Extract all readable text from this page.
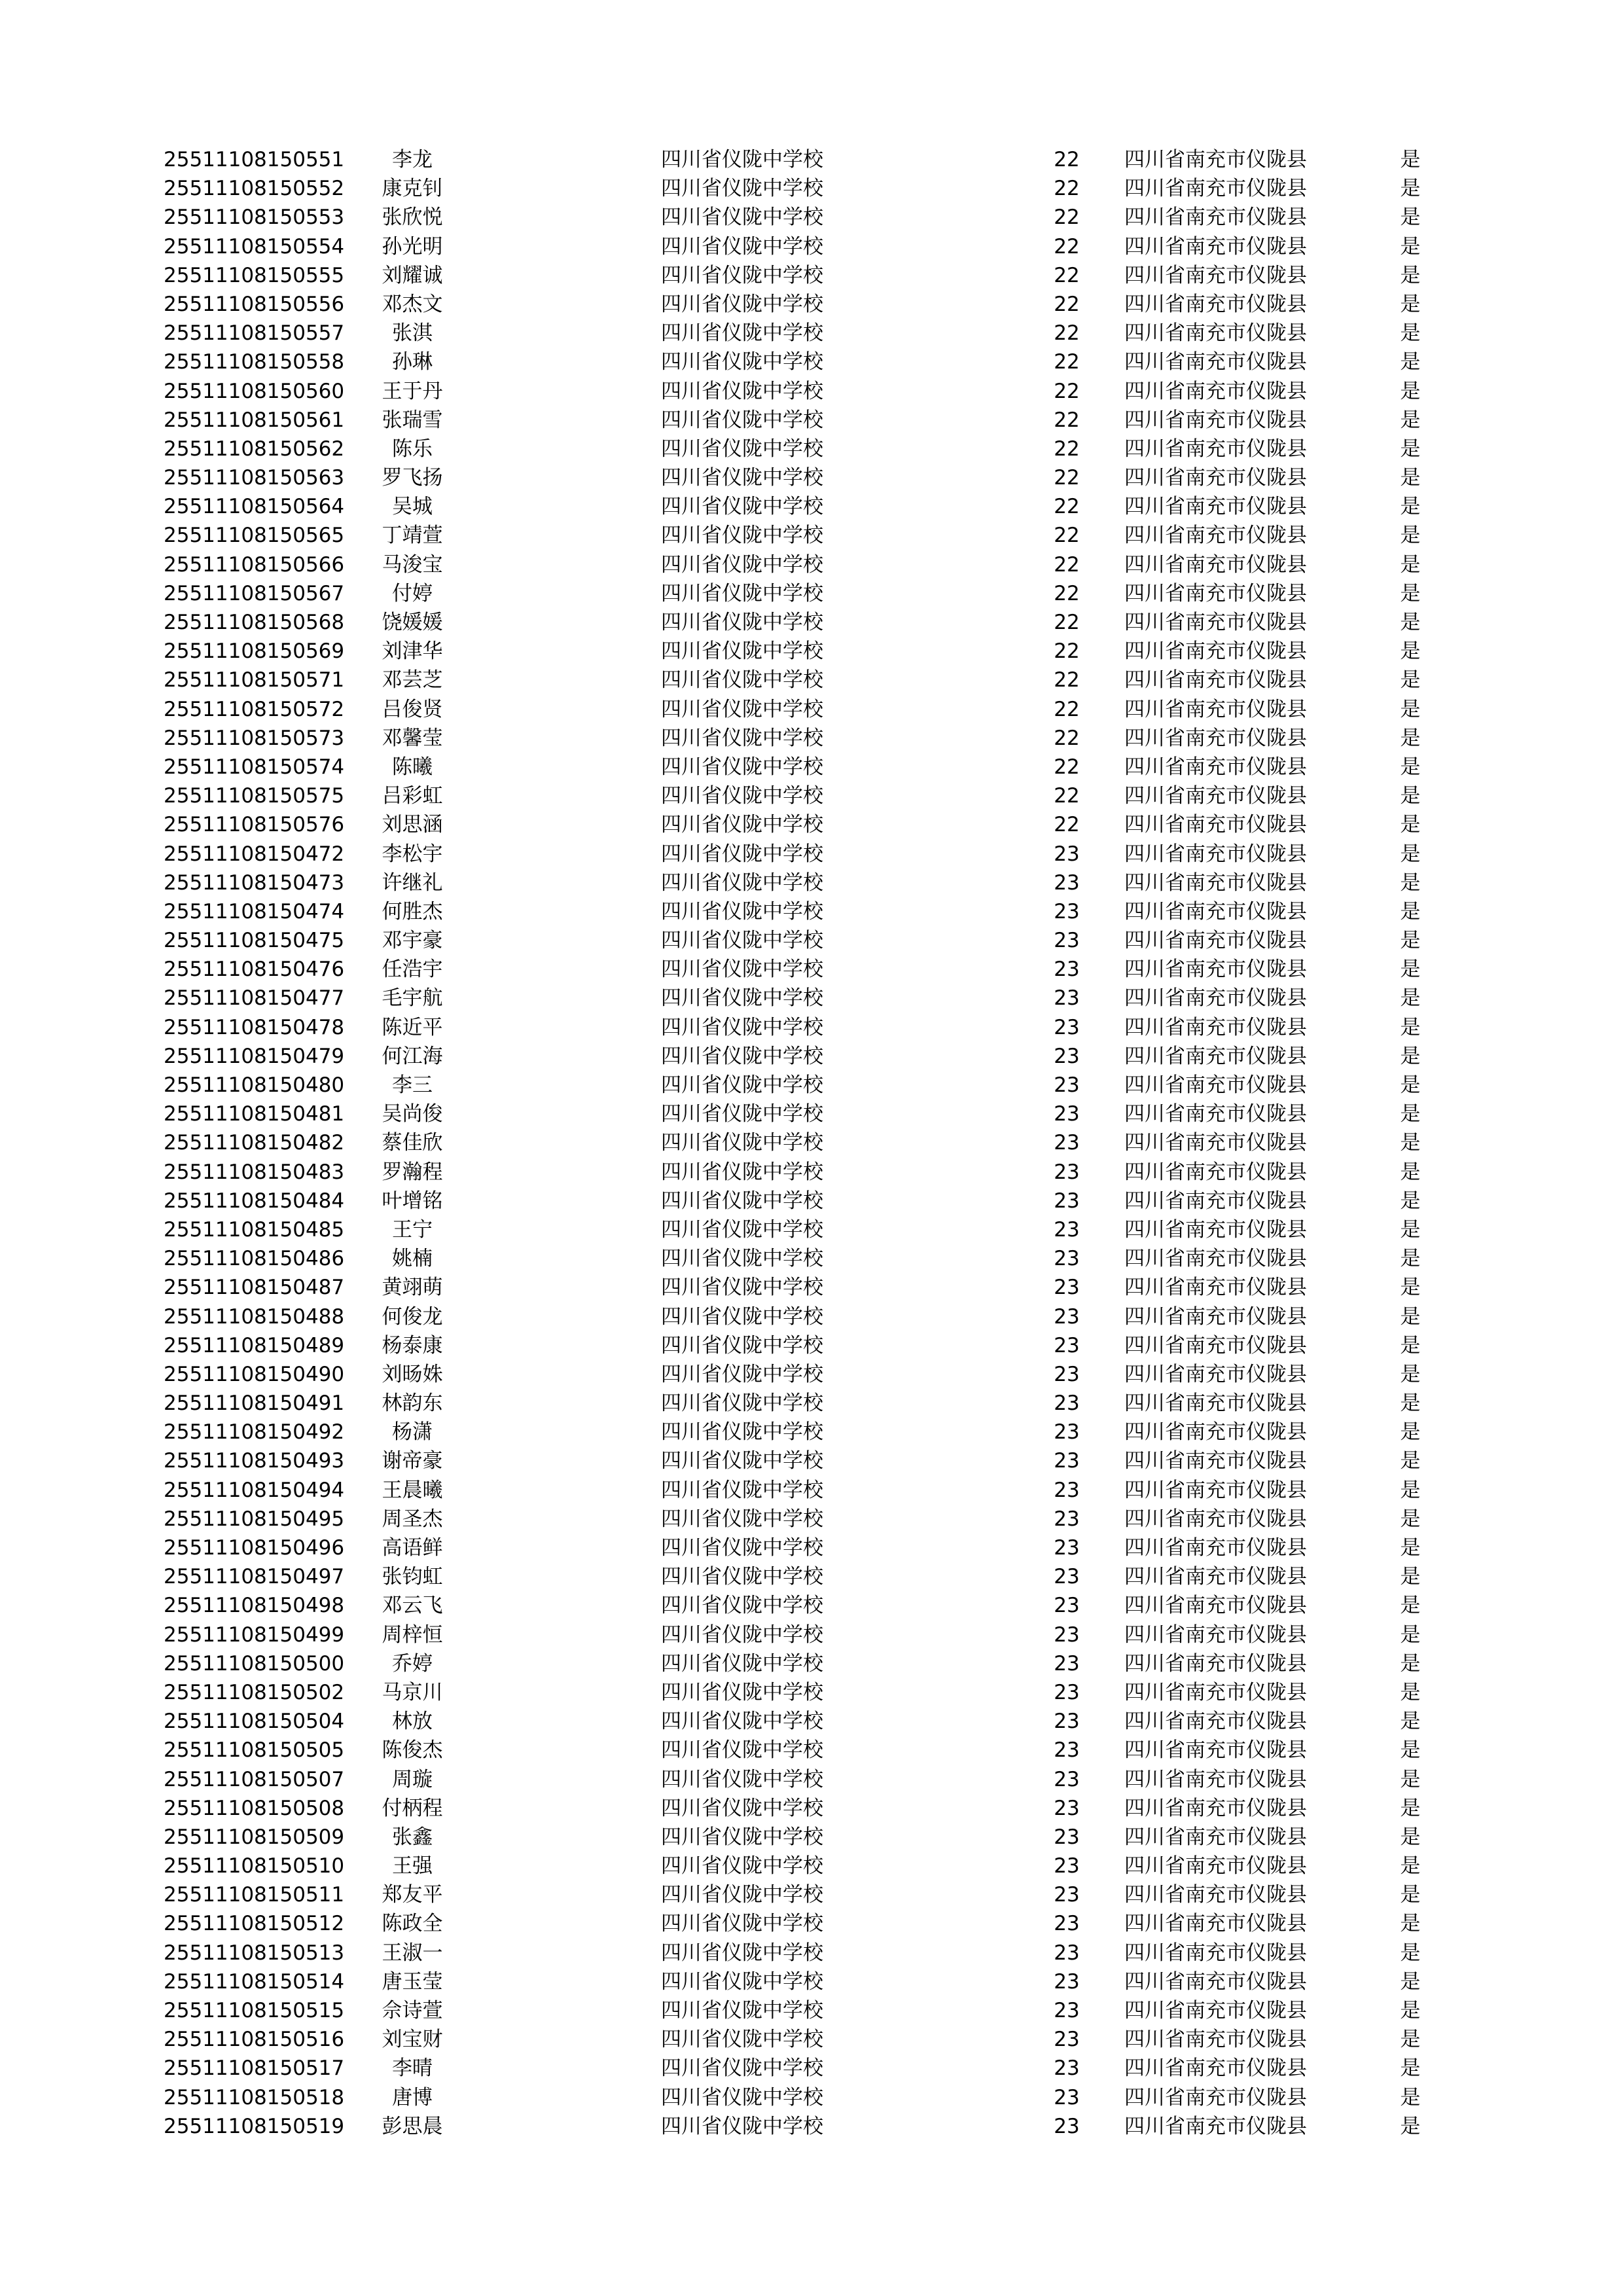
25511108150551	李龙	四川省仪陇中学校	22	四川省南充市仪陇县	是
25511108150552	康克钊	四川省仪陇中学校	22	四川省南充市仪陇县	是
25511108150553	张欣悦	四川省仪陇中学校	22	四川省南充市仪陇县	是
25511108150554	孙光明	四川省仪陇中学校	22	四川省南充市仪陇县	是
25511108150555	刘耀诚	四川省仪陇中学校	22	四川省南充市仪陇县	是
25511108150556	邓杰文	四川省仪陇中学校	22	四川省南充市仪陇县	是
25511108150557	张淇	四川省仪陇中学校	22	四川省南充市仪陇县	是
25511108150558	孙琳	四川省仪陇中学校	22	四川省南充市仪陇县	是
25511108150560	王于丹	四川省仪陇中学校	22	四川省南充市仪陇县	是
25511108150561	张瑞雪	四川省仪陇中学校	22	四川省南充市仪陇县	是
25511108150562	陈乐	四川省仪陇中学校	22	四川省南充市仪陇县	是
25511108150563	罗飞扬	四川省仪陇中学校	22	四川省南充市仪陇县	是
25511108150564	吴城	四川省仪陇中学校	22	四川省南充市仪陇县	是
25511108150565	丁靖萱	四川省仪陇中学校	22	四川省南充市仪陇县	是
25511108150566	马浚宝	四川省仪陇中学校	22	四川省南充市仪陇县	是
25511108150567	付婷	四川省仪陇中学校	22	四川省南充市仪陇县	是
25511108150568	饶媛媛	四川省仪陇中学校	22	四川省南充市仪陇县	是
25511108150569	刘津华	四川省仪陇中学校	22	四川省南充市仪陇县	是
25511108150571	邓芸芝	四川省仪陇中学校	22	四川省南充市仪陇县	是
25511108150572	吕俊贤	四川省仪陇中学校	22	四川省南充市仪陇县	是
25511108150573	邓馨莹	四川省仪陇中学校	22	四川省南充市仪陇县	是
25511108150574	陈曦	四川省仪陇中学校	22	四川省南充市仪陇县	是
25511108150575	吕彩虹	四川省仪陇中学校	22	四川省南充市仪陇县	是
25511108150576	刘思涵	四川省仪陇中学校	22	四川省南充市仪陇县	是
25511108150472	李松宇	四川省仪陇中学校	23	四川省南充市仪陇县	是
25511108150473	许继礼	四川省仪陇中学校	23	四川省南充市仪陇县	是
25511108150474	何胜杰	四川省仪陇中学校	23	四川省南充市仪陇县	是
25511108150475	邓宇豪	四川省仪陇中学校	23	四川省南充市仪陇县	是
25511108150476	任浩宇	四川省仪陇中学校	23	四川省南充市仪陇县	是
25511108150477	毛宇航	四川省仪陇中学校	23	四川省南充市仪陇县	是
25511108150478	陈近平	四川省仪陇中学校	23	四川省南充市仪陇县	是
25511108150479	何江海	四川省仪陇中学校	23	四川省南充市仪陇县	是
25511108150480	李三	四川省仪陇中学校	23	四川省南充市仪陇县	是
25511108150481	吴尚俊	四川省仪陇中学校	23	四川省南充市仪陇县	是
25511108150482	蔡佳欣	四川省仪陇中学校	23	四川省南充市仪陇县	是
25511108150483	罗瀚程	四川省仪陇中学校	23	四川省南充市仪陇县	是
25511108150484	叶增铭	四川省仪陇中学校	23	四川省南充市仪陇县	是
25511108150485	王宁	四川省仪陇中学校	23	四川省南充市仪陇县	是
25511108150486	姚楠	四川省仪陇中学校	23	四川省南充市仪陇县	是
25511108150487	黄翊萌	四川省仪陇中学校	23	四川省南充市仪陇县	是
25511108150488	何俊龙	四川省仪陇中学校	23	四川省南充市仪陇县	是
25511108150489	杨泰康	四川省仪陇中学校	23	四川省南充市仪陇县	是
25511108150490	刘旸姝	四川省仪陇中学校	23	四川省南充市仪陇县	是
25511108150491	林韵东	四川省仪陇中学校	23	四川省南充市仪陇县	是
25511108150492	杨潇	四川省仪陇中学校	23	四川省南充市仪陇县	是
25511108150493	谢帝豪	四川省仪陇中学校	23	四川省南充市仪陇县	是
25511108150494	王晨曦	四川省仪陇中学校	23	四川省南充市仪陇县	是
25511108150495	周圣杰	四川省仪陇中学校	23	四川省南充市仪陇县	是
25511108150496	高语鲜	四川省仪陇中学校	23	四川省南充市仪陇县	是
25511108150497	张钧虹	四川省仪陇中学校	23	四川省南充市仪陇县	是
25511108150498	邓云飞	四川省仪陇中学校	23	四川省南充市仪陇县	是
25511108150499	周梓恒	四川省仪陇中学校	23	四川省南充市仪陇县	是
25511108150500	乔婷	四川省仪陇中学校	23	四川省南充市仪陇县	是
25511108150502	马京川	四川省仪陇中学校	23	四川省南充市仪陇县	是
25511108150504	林放	四川省仪陇中学校	23	四川省南充市仪陇县	是
25511108150505	陈俊杰	四川省仪陇中学校	23	四川省南充市仪陇县	是
25511108150507	周璇	四川省仪陇中学校	23	四川省南充市仪陇县	是
25511108150508	付柄程	四川省仪陇中学校	23	四川省南充市仪陇县	是
25511108150509	张鑫	四川省仪陇中学校	23	四川省南充市仪陇县	是
25511108150510	王强	四川省仪陇中学校	23	四川省南充市仪陇县	是
25511108150511	郑友平	四川省仪陇中学校	23	四川省南充市仪陇县	是
25511108150512	陈政全	四川省仪陇中学校	23	四川省南充市仪陇县	是
25511108150513	王淑一	四川省仪陇中学校	23	四川省南充市仪陇县	是
25511108150514	唐玉莹	四川省仪陇中学校	23	四川省南充市仪陇县	是
25511108150515	佘诗萱	四川省仪陇中学校	23	四川省南充市仪陇县	是
25511108150516	刘宝财	四川省仪陇中学校	23	四川省南充市仪陇县	是
25511108150517	李晴	四川省仪陇中学校	23	四川省南充市仪陇县	是
25511108150518	唐博	四川省仪陇中学校	23	四川省南充市仪陇县	是
25511108150519	彭思晨	四川省仪陇中学校	23	四川省南充市仪陇县	是
